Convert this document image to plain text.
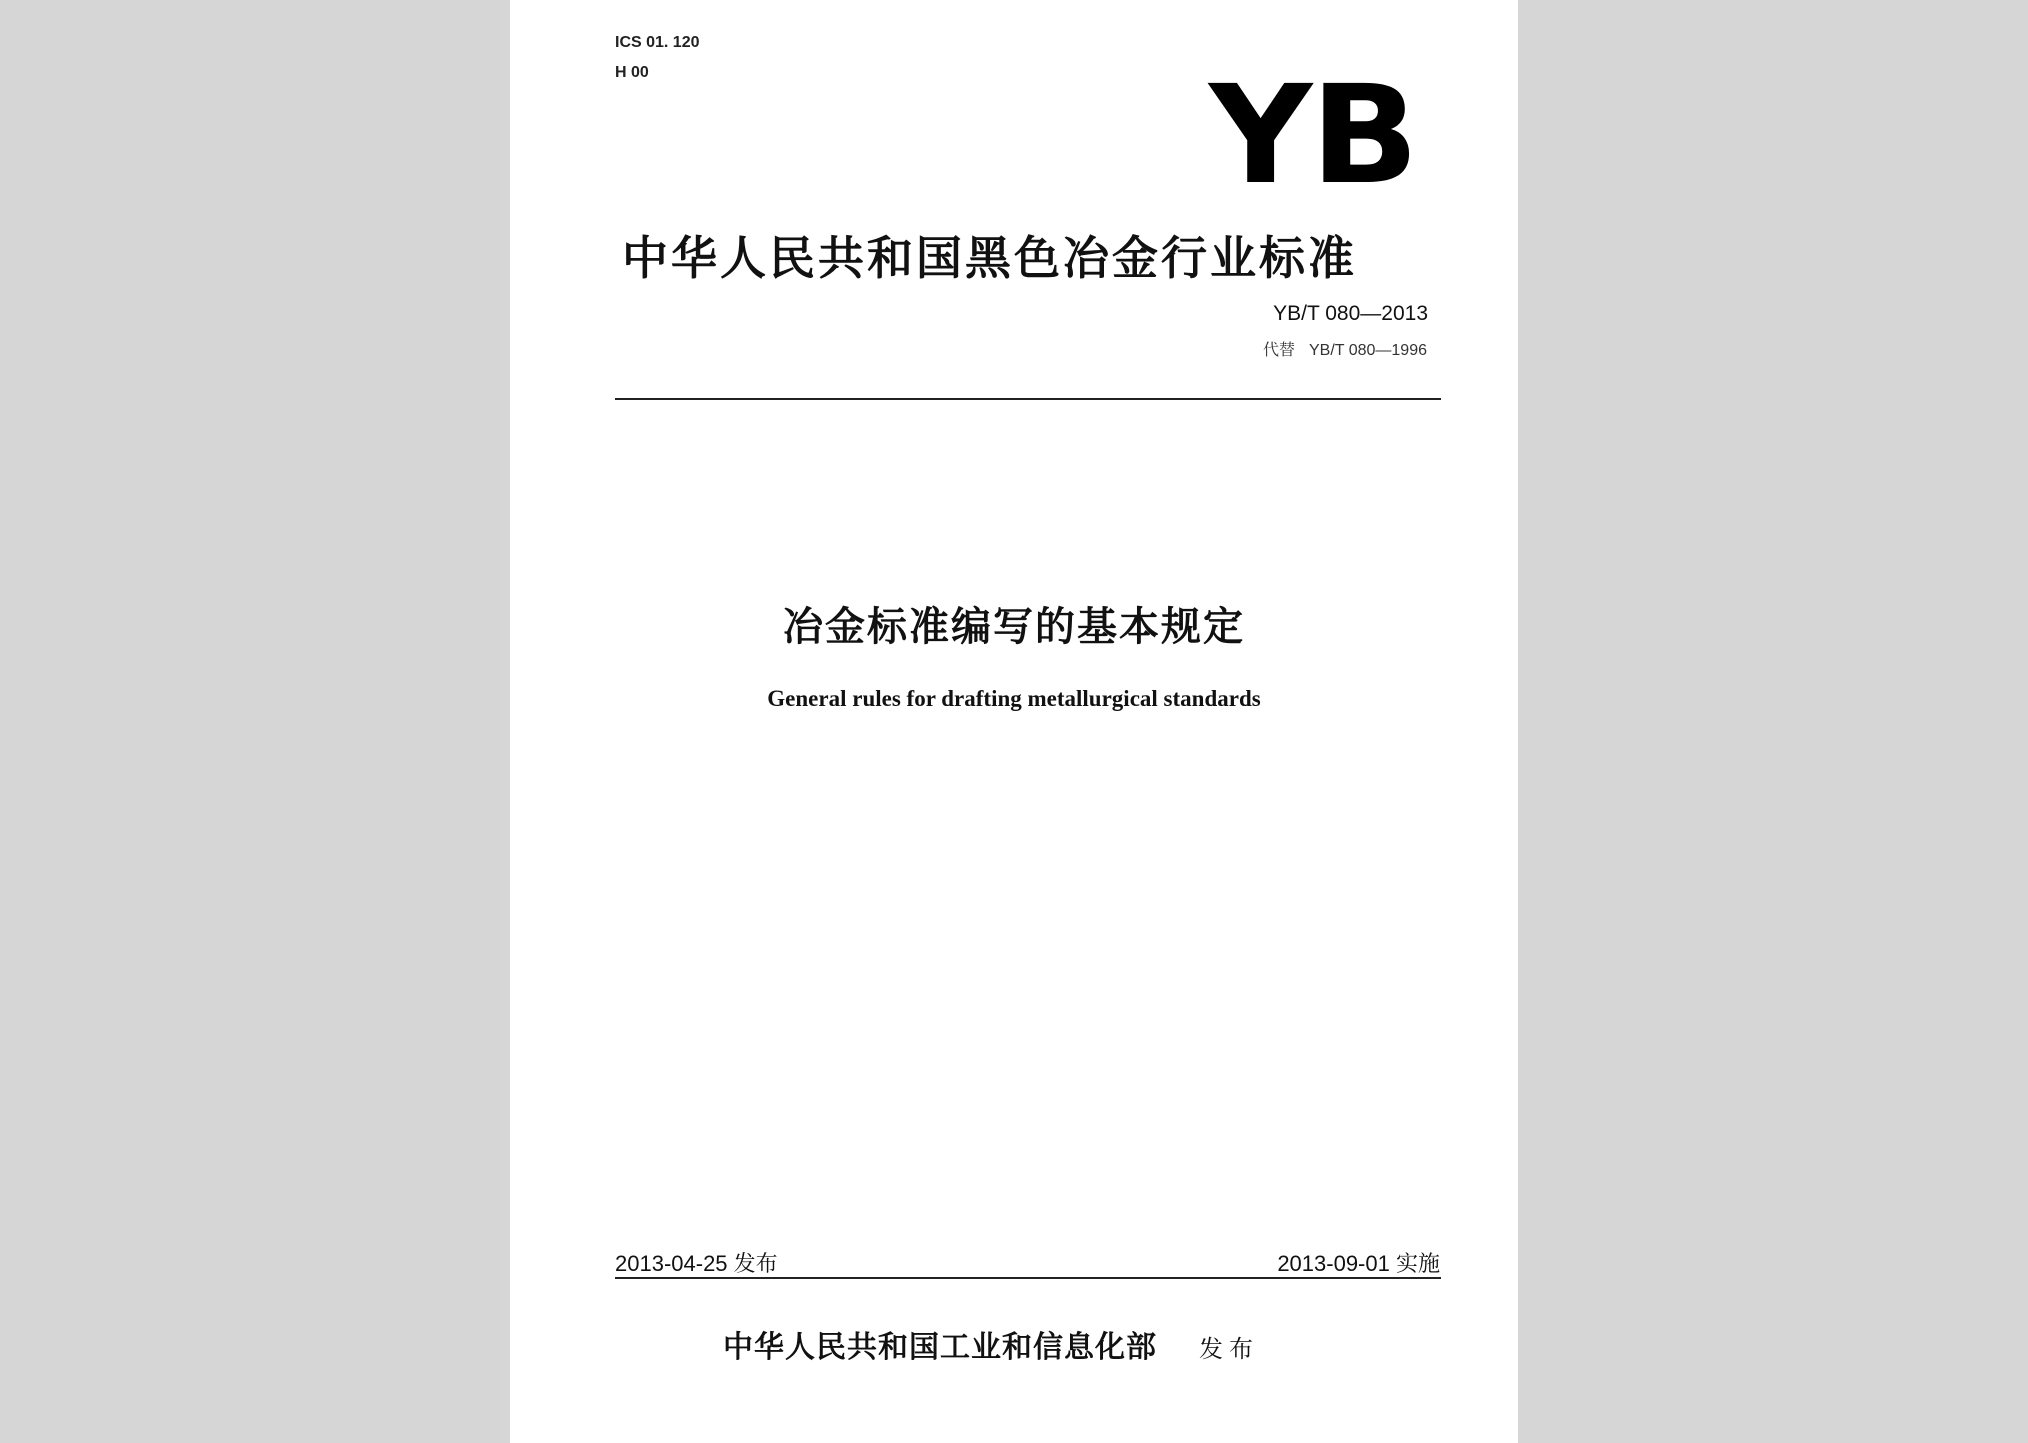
ICS 01. 120
H 00	YB
中华人民共和国黑色冶金行业标准
YB/T 080—2013
代替 YB/T 080—1996
冶金标准编写的基本规定
General rules for drafting metallurgical standards
2013-04-25 发布	2013-09-01 实施
中华人民共和国工业和信息化部 发布
